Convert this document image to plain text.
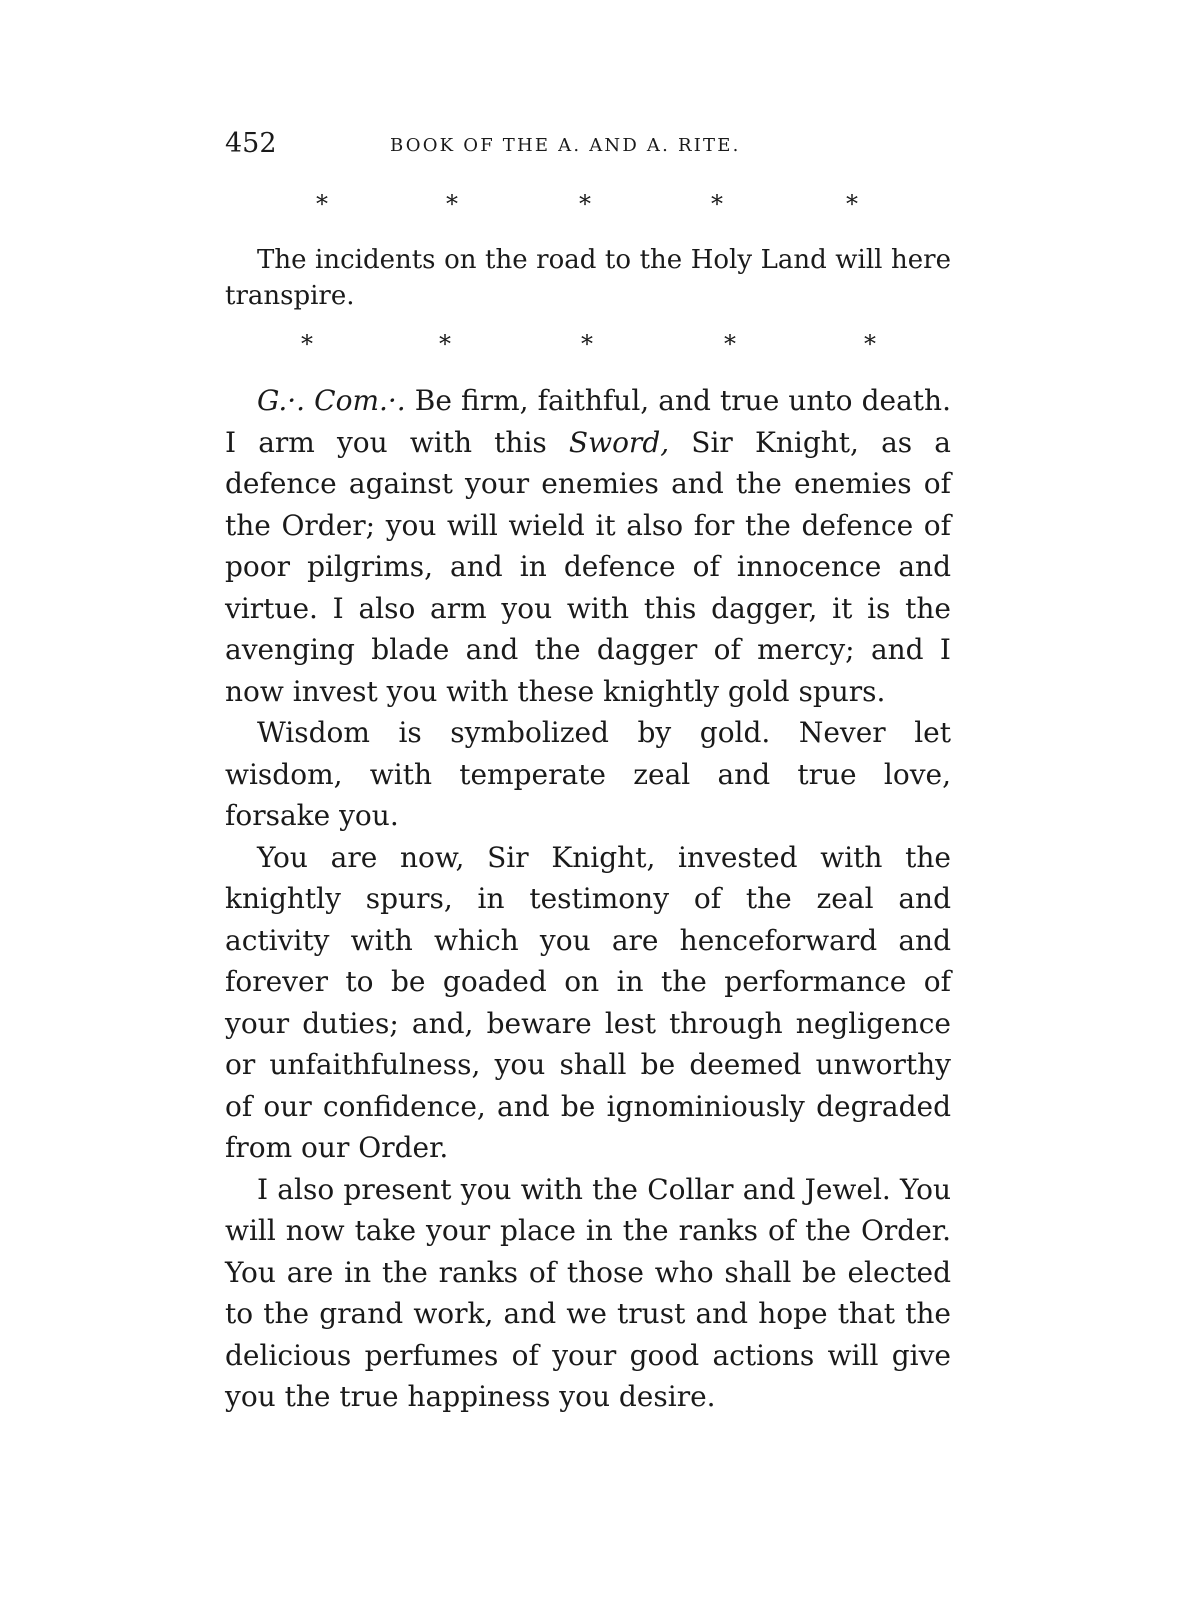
452	BOOK OF THE A. AND A. RITE.
*	*	*	*	*

The incidents on the road to the Holy Land will here transpire.

*	*	*	*	*

G.·. Com.·. Be firm, faithful, and true unto death. I arm you with this Sword, Sir Knight, as a defence against your enemies and the enemies of the Order; you will wield it also for the defence of poor pilgrims, and in defence of innocence and virtue. I also arm you with this dagger, it is the avenging blade and the dagger of mercy; and I now invest you with these knightly gold spurs.

Wisdom is symbolized by gold. Never let wisdom, with temperate zeal and true love, forsake you.

You are now, Sir Knight, invested with the knightly spurs, in testimony of the zeal and activity with which you are henceforward and forever to be goaded on in the performance of your duties; and, beware lest through negligence or unfaithfulness, you shall be deemed unworthy of our confidence, and be ignominiously degraded from our Order.

I also present you with the Collar and Jewel. You will now take your place in the ranks of the Order. You are in the ranks of those who shall be elected to the grand work, and we trust and hope that the delicious perfumes of your good actions will give you the true happiness you desire.
